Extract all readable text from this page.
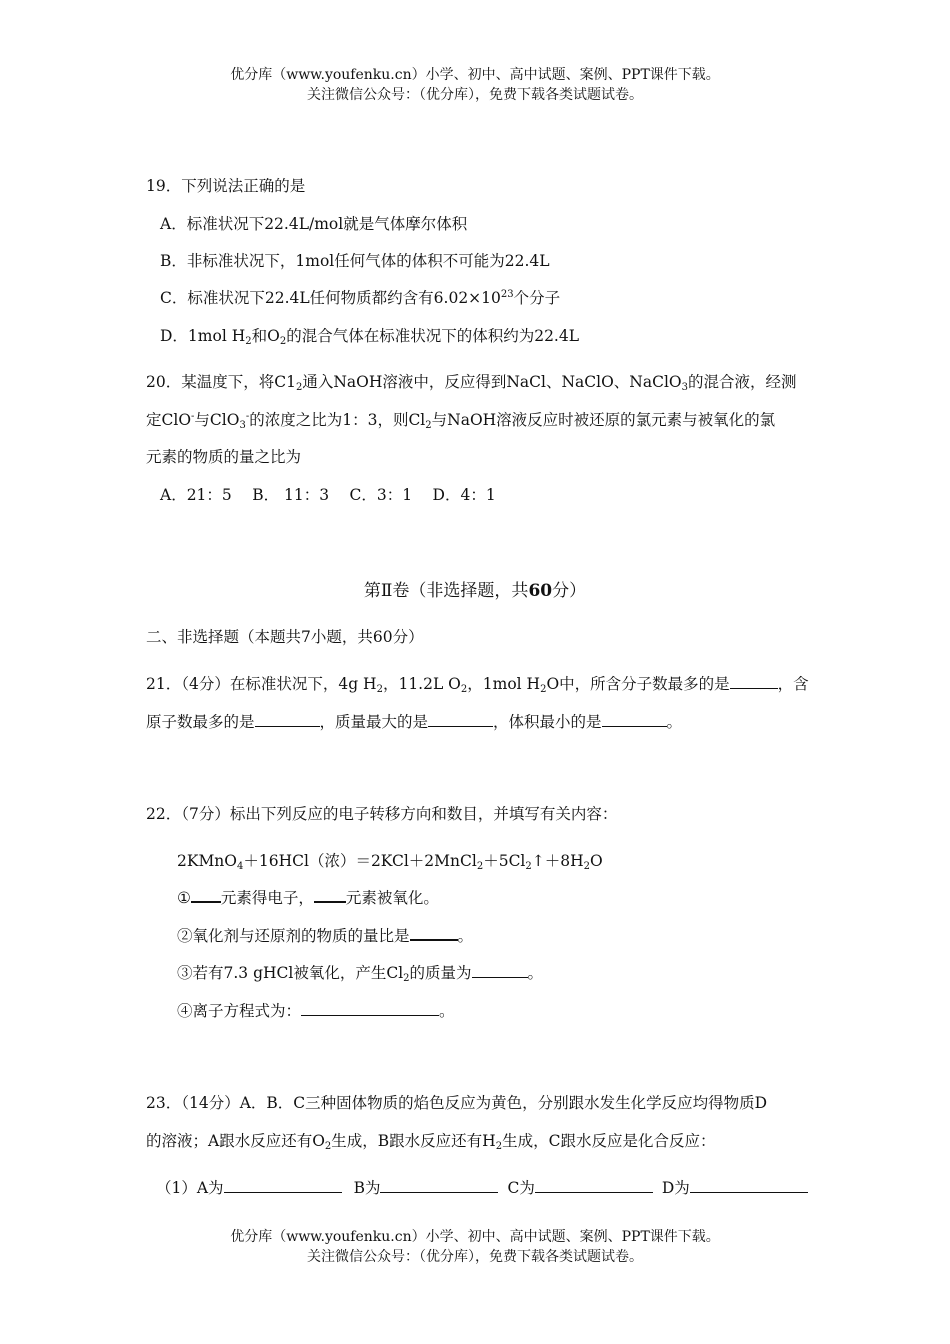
优分库（www.youfenku.cn）小学、初中、高中试题、案例、PPT课件下载。
关注微信公众号：（优分库），免费下载各类试题试卷。
19．下列说法正确的是
A．标准状况下22.4L/mol就是气体摩尔体积
B．非标准状况下，1mol任何气体的体积不可能为22.4L
C．标准状况下22.4L任何物质都约含有$6.02\times 10^{23}$个分子
D．1mol $H_2$和$O_2$的混合气体在标准状况下的体积约为22.4L
20．某温度下，将$C1_2$通入NaOH溶液中，反应得到NaCl、NaClO、NaClO$_3$的混合液，经测
定ClO-与ClO$_3$-的浓度之比为1：3，则$Cl_2$与NaOH溶液反应时被还原的氯元素与被氧化的氯
元素的物质的量之比为
A．21：5　 B． 11：3　 C．3：1　 D．4：1
第Ⅱ卷（非选择题，共60分）
二、非选择题（本题共7小题，共60分）
21．（4分）在标准状况下，4g $H_2$，11.2L $O_2$，1mol $H_2O$中，所含分子数最多的是	，含
原子数最多的是	，质量最大的是	，体积最小的是	。
22．（7分）标出下列反应的电子转移方向和数目，并填写有关内容：
2KMnO$_4$＋16HCl（浓）$=2KCl+2MnCl_2+5Cl_2↑+8H_2O$
① 元素得电子， 元素被氧化。
②氧化剂与还原剂的物质的量比是	。
③若有7.3 gHCl被氧化，产生$Cl_2$的质量为	。
④离子方程式为：	。
23．（14分）A．B．C三种固体物质的焰色反应为黄色，分别跟水发生化学反应均得物质D
的溶液；A跟水反应还有$O_2$生成，B跟水反应还有$H_2$生成，C跟水反应是化合反应：
（1）A为	B为	C为	D为
优分库（www.youfenku.cn）小学、初中、高中试题、案例、PPT课件下载。
关注微信公众号：（优分库），免费下载各类试题试卷。
